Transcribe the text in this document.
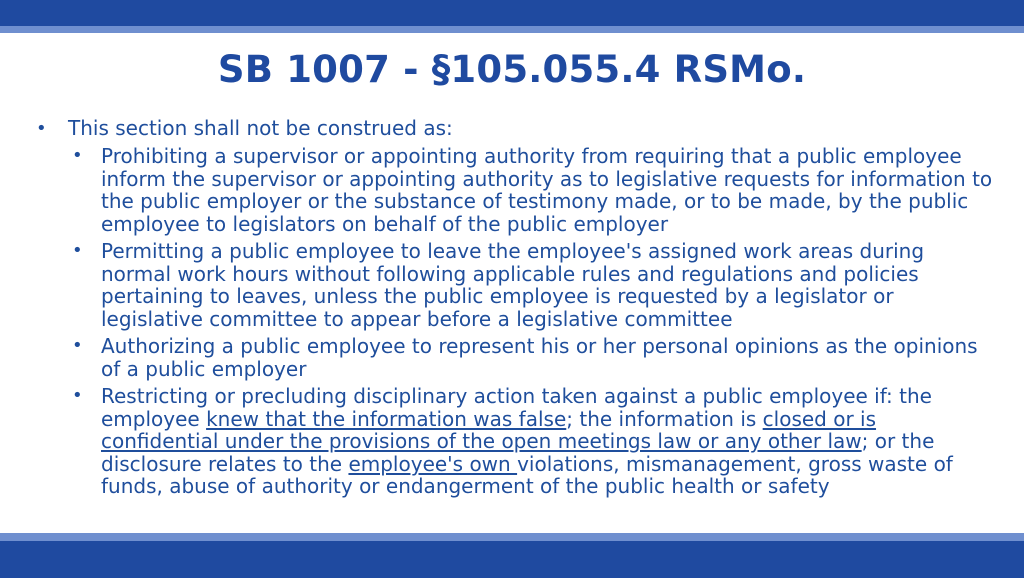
SB 1007 - §105.055.4 RSMo.
• This section shall not be construed as:
• Prohibiting a supervisor or appointing authority from requiring that a public employee inform the supervisor or appointing authority as to legislative requests for information to the public employer or the substance of testimony made, or to be made, by the public employee to legislators on behalf of the public employer
• Permitting a public employee to leave the employee's assigned work areas during normal work hours without following applicable rules and regulations and policies pertaining to leaves, unless the public employee is requested by a legislator or legislative committee to appear before a legislative committee
• Authorizing a public employee to represent his or her personal opinions as the opinions of a public employer
• Restricting or precluding disciplinary action taken against a public employee if: the employee knew that the information was false; the information is closed or is confidential under the provisions of the open meetings law or any other law; or the disclosure relates to the employee's own violations, mismanagement, gross waste of funds, abuse of authority or endangerment of the public health or safety
